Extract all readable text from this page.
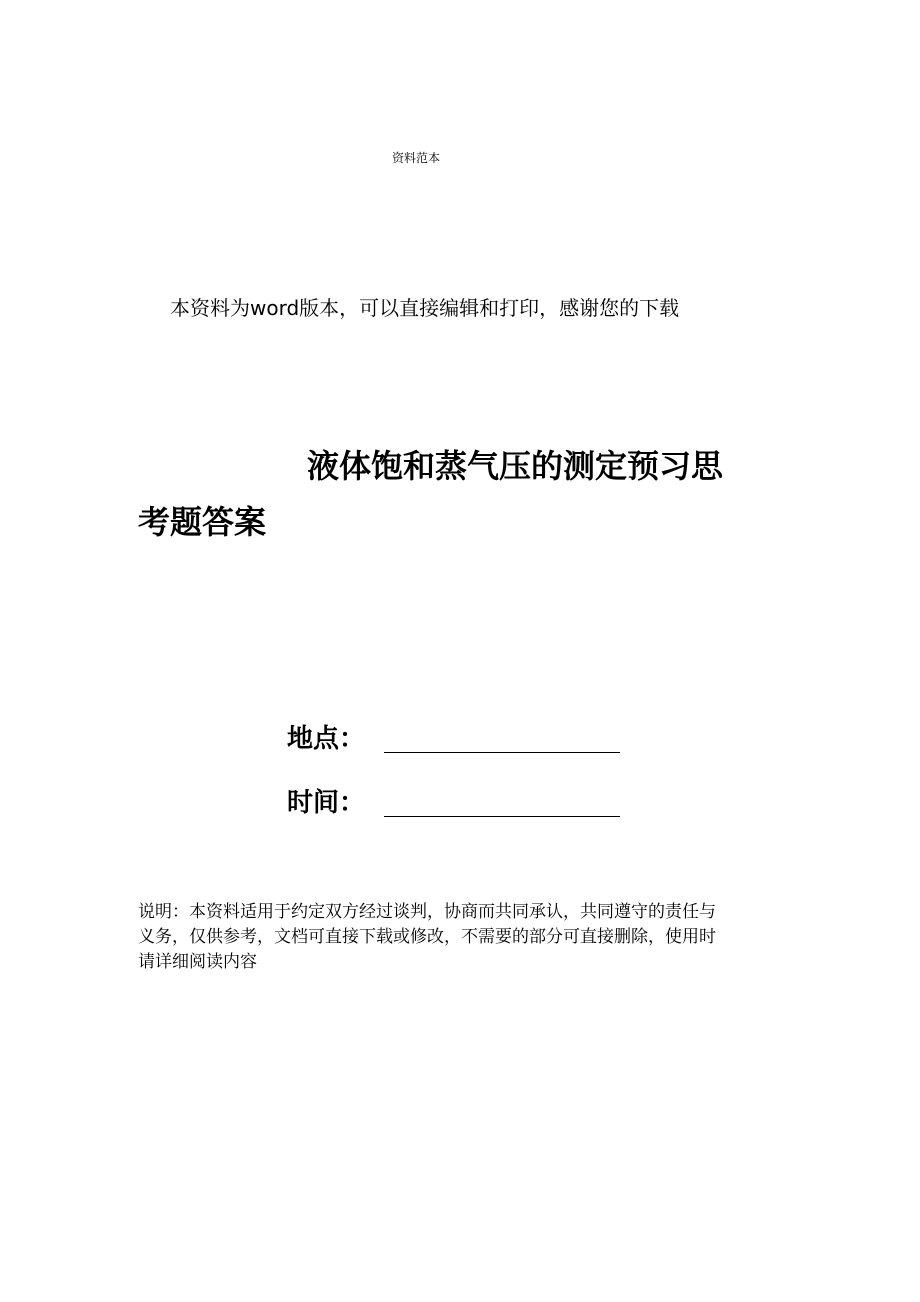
资料范本
本资料为word版本，可以直接编辑和打印，感谢您的下载
液体饱和蒸气压的测定预习思
考题答案
地点：
时间：
说明：本资料适用于约定双方经过谈判，协商而共同承认，共同遵守的责任与
义务，仅供参考，文档可直接下载或修改，不需要的部分可直接删除，使用时
请详细阅读内容
